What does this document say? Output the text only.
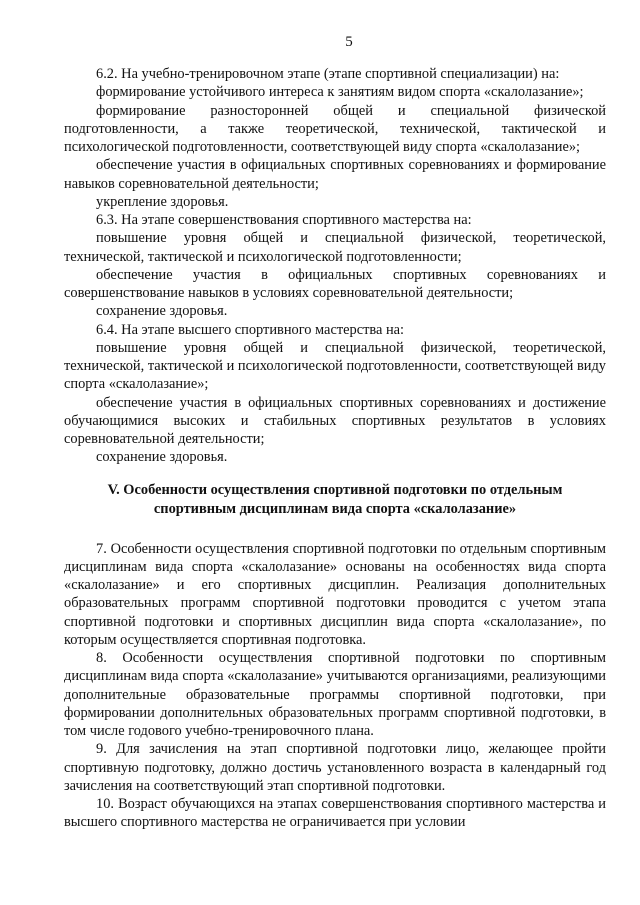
5

6.2. На учебно-тренировочном этапе (этапе спортивной специализации) на:

формирование устойчивого интереса к занятиям видом спорта «скалолазание»;

формирование разносторонней общей и специальной физической подготовленности, а также теоретической, технической, тактической и психологической подготовленности, соответствующей виду спорта «скалолазание»;

обеспечение участия в официальных спортивных соревнованиях и формирование навыков соревновательной деятельности;

укрепление здоровья.

6.3. На этапе совершенствования спортивного мастерства на:

повышение уровня общей и специальной физической, теоретической, технической, тактической и психологической подготовленности;

обеспечение участия в официальных спортивных соревнованиях и совершенствование навыков в условиях соревновательной деятельности;

сохранение здоровья.

6.4. На этапе высшего спортивного мастерства на:

повышение уровня общей и специальной физической, теоретической, технической, тактической и психологической подготовленности, соответствующей виду спорта «скалолазание»;

обеспечение участия в официальных спортивных соревнованиях и достижение обучающимися высоких и стабильных спортивных результатов в условиях соревновательной деятельности;

сохранение здоровья.

V. Особенности осуществления спортивной подготовки по отдельным спортивным дисциплинам вида спорта «скалолазание»

7. Особенности осуществления спортивной подготовки по отдельным спортивным дисциплинам вида спорта «скалолазание» основаны на особенностях вида спорта «скалолазание» и его спортивных дисциплин. Реализация дополнительных образовательных программ спортивной подготовки проводится с учетом этапа спортивной подготовки и спортивных дисциплин вида спорта «скалолазание», по которым осуществляется спортивная подготовка.

8. Особенности осуществления спортивной подготовки по спортивным дисциплинам вида спорта «скалолазание» учитываются организациями, реализующими дополнительные образовательные программы спортивной подготовки, при формировании дополнительных образовательных программ спортивной подготовки, в том числе годового учебно-тренировочного плана.

9. Для зачисления на этап спортивной подготовки лицо, желающее пройти спортивную подготовку, должно достичь установленного возраста в календарный год зачисления на соответствующий этап спортивной подготовки.

10. Возраст обучающихся на этапах совершенствования спортивного мастерства и высшего спортивного мастерства не ограничивается при условии
